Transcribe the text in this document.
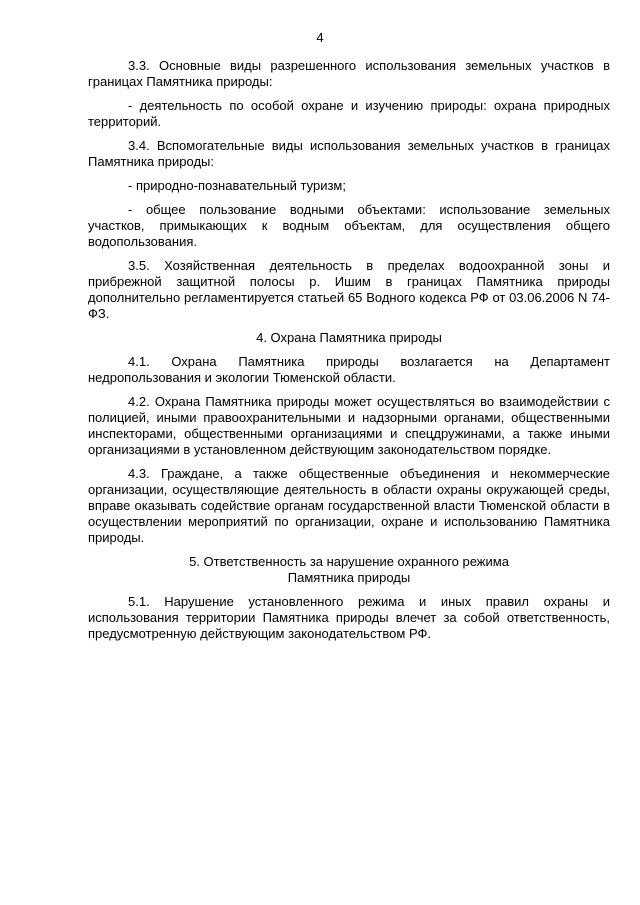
4

3.3. Основные виды разрешенного использования земельных участков в границах Памятника природы:

- деятельность по особой охране и изучению природы: охрана природных территорий.

3.4. Вспомогательные виды использования земельных участков в границах Памятника природы:

- природно-познавательный туризм;

- общее пользование водными объектами: использование земельных участков, примыкающих к водным объектам, для осуществления общего водопользования.

3.5. Хозяйственная деятельность в пределах водоохранной зоны и прибрежной защитной полосы р. Ишим в границах Памятника природы дополнительно регламентируется статьей 65 Водного кодекса РФ от 03.06.2006 N 74-ФЗ.

4. Охрана Памятника природы

4.1. Охрана Памятника природы возлагается на Департамент недропользования и экологии Тюменской области.

4.2. Охрана Памятника природы может осуществляться во взаимодействии с полицией, иными правоохранительными и надзорными органами, общественными инспекторами, общественными организациями и спецдружинами, а также иными организациями в установленном действующим законодательством порядке.

4.3. Граждане, а также общественные объединения и некоммерческие организации, осуществляющие деятельность в области охраны окружающей среды, вправе оказывать содействие органам государственной власти Тюменской области в осуществлении мероприятий по организации, охране и использованию Памятника природы.

5. Ответственность за нарушение охранного режима
Памятника природы

5.1. Нарушение установленного режима и иных правил охраны и использования территории Памятника природы влечет за собой ответственность, предусмотренную действующим законодательством РФ.
